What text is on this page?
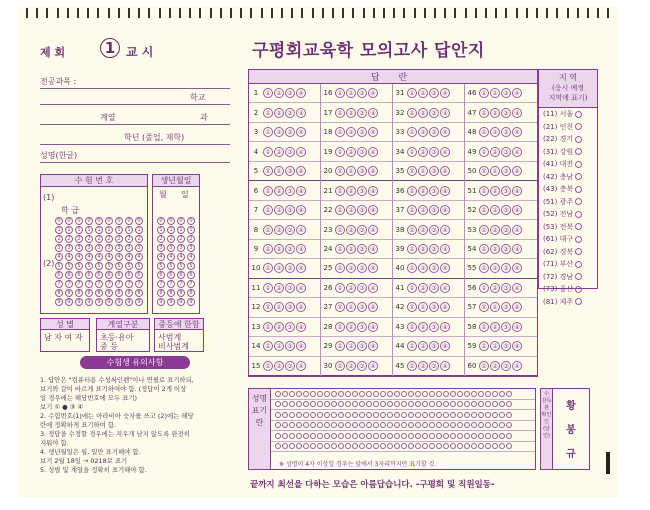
제 회	1 교 시	구평회교육학 모의고사 답안지
전공과목 :
학교
계열	과
학년 (졸업, 재학)
성명(한글)
수 험 번 호
(1)
학 급
(2)
0	0	0	0	0	0	0	0	0
1	1	1	1	1	1	1	1	1
2	2	2	2	2	2	2	2	2
3	3	3	3	3	3	3	3	3
4	4	4	4	4	4	4	4	4
5	5	5	5	5	5	5	5	5
6	6	6	6	6	6	6	6	6
7	7	7	7	7	7	7	7	7
8	8	8	8	8	8	8	8	8
9	9	9	9	9	9	9	9	9
생년월일
월 일
0	0	0	0
1	1	1	1
2	2	2	2
3	3	3	3
4	4	4	4
5	5	5	5
6	6	6	6
7	7	7	7
8	8	8	8
9	9	9	9
성 별
남 자 여 자
계열구분
초등·유아
중 등
중등에 한함
사범계
비사범계
수험생 유의사항
1. 답안은 "컴퓨터용 수성싸인펜"이나 연필로 표기하되,
보기와 같이 바르게 표기하여야 함. (정답이 2개 이상
일 경우에는 해당번호에 모두 표기)
보기 ① ● ③ ④
2. 수험번호(1)에는 아라비아 숫자를 쓰고 (2)에는 해당
란에 정확하게 표기하여 함.
3. 정답을 수정할 경우에는 지우개 남지 않도록 완전히
지워야 함.
4. 생년월일은 월, 일만 표기해야 함.
보기 2월 18일 → 0218로 표기
5. 성별 및 계열을 정확히 표기해야 함.
답 란
1	① ② ③ ④
2	① ② ③ ④
3	① ② ③ ④
4	① ② ③ ④
5	① ② ③ ④
6	① ② ③ ④
7	① ② ③ ④
8	① ② ③ ④
9	① ② ③ ④
10 ① ② ③ ④
11 ① ② ③ ④
12 ① ② ③ ④
13 ① ② ③ ④
14 ① ② ③ ④
15 ① ② ③ ④
16 ① ② ③ ④
17 ① ② ③ ④
18 ① ② ③ ④
19 ① ② ③ ④
20 ① ② ③ ④
21 ① ② ③ ④
22 ① ② ③ ④
23 ① ② ③ ④
24 ① ② ③ ④
25 ① ② ③ ④
26 ① ② ③ ④
27 ① ② ③ ④
28 ① ② ③ ④
29 ① ② ③ ④
30 ① ② ③ ④
31 ① ② ③ ④
32 ① ② ③ ④
33 ① ② ③ ④
34 ① ② ③ ④
35 ① ② ③ ④
36 ① ② ③ ④
37 ① ② ③ ④
38 ① ② ③ ④
39 ① ② ③ ④
40 ① ② ③ ④
41 ① ② ③ ④
42 ① ② ③ ④
43 ① ② ③ ④
44 ① ② ③ ④
45 ① ② ③ ④
46 ① ② ③ ④
47 ① ② ③ ④
48 ① ② ③ ④
49 ① ② ③ ④
50 ① ② ③ ④
51 ① ② ③ ④
52 ① ② ③ ④
53 ① ② ③ ④
54 ① ② ③ ④
55 ① ② ③ ④
56 ① ② ③ ④
57 ① ② ③ ④
58 ① ② ③ ④
59 ① ② ③ ④
60 ① ② ③ ④
지 역
(응시 예정
지역에 표기)
(11) 서울
(21) 인천
(22) 경기
(31) 강원
(41) 대전
(42) 충남
(43) 충북
(51) 광주
(52) 전남
(53) 전북
(61) 대구
(62) 경북
(71) 부산
(72) 경남
(73) 울산
(81) 제주
성명표기란
※ 성명이 4자 이상일 경우는 앞에서 3자리까지만 표기할 것.
수 감독관 확인 인 (날인)
황 봉 규
끝까지 최선을 다하는 모습은 아름답습니다. -구평회 및 직원일동-
